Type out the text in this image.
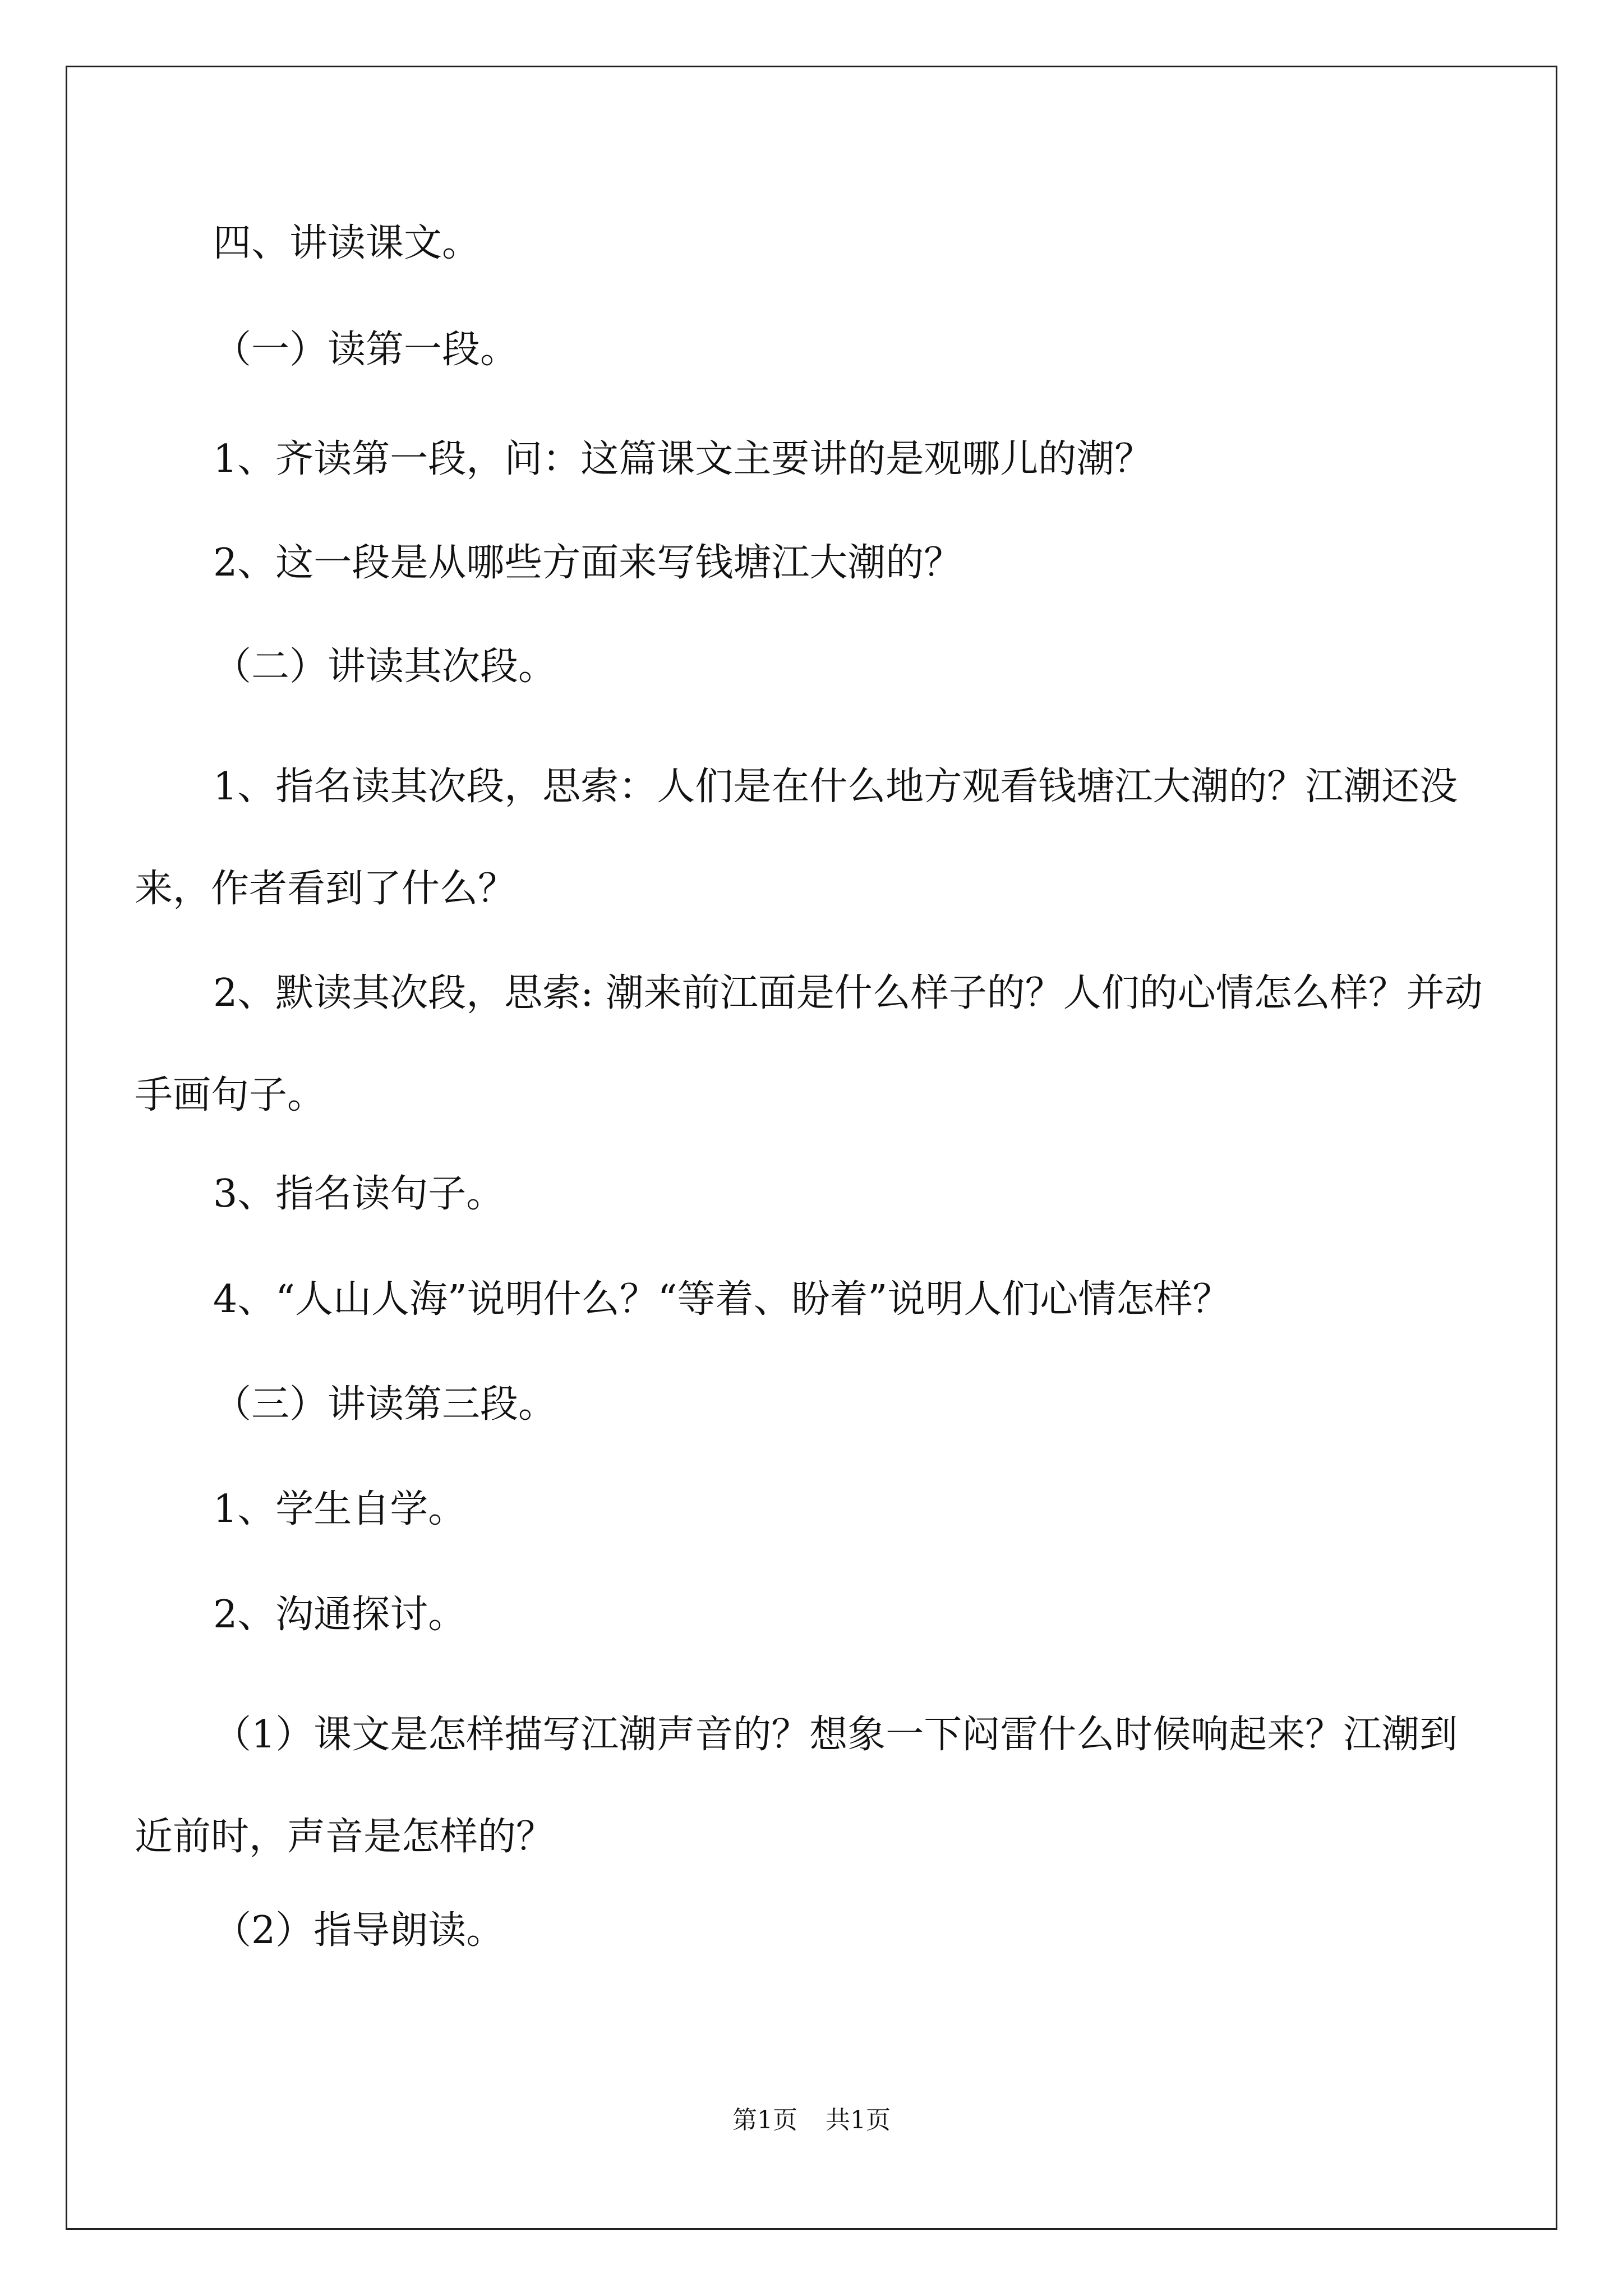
四、讲读课文。

（一）读第一段。

1、齐读第一段，问：这篇课文主要讲的是观哪儿的潮？

2、这一段是从哪些方面来写钱塘江大潮的？

（二）讲读其次段。

1、指名读其次段，思索：人们是在什么地方观看钱塘江大潮的？江潮还没来，作者看到了什么？

2、默读其次段，思索: 潮来前江面是什么样子的？人们的心情怎么样？并动手画句子。

3、指名读句子。

4、“人山人海”说明什么？“等着、盼着”说明人们心情怎样？

（三）讲读第三段。

1、学生自学。

2、沟通探讨。

（1）课文是怎样描写江潮声音的？想象一下闷雷什么时候响起来？江潮到近前时，声音是怎样的？

（2）指导朗读。

第1页 共1页
